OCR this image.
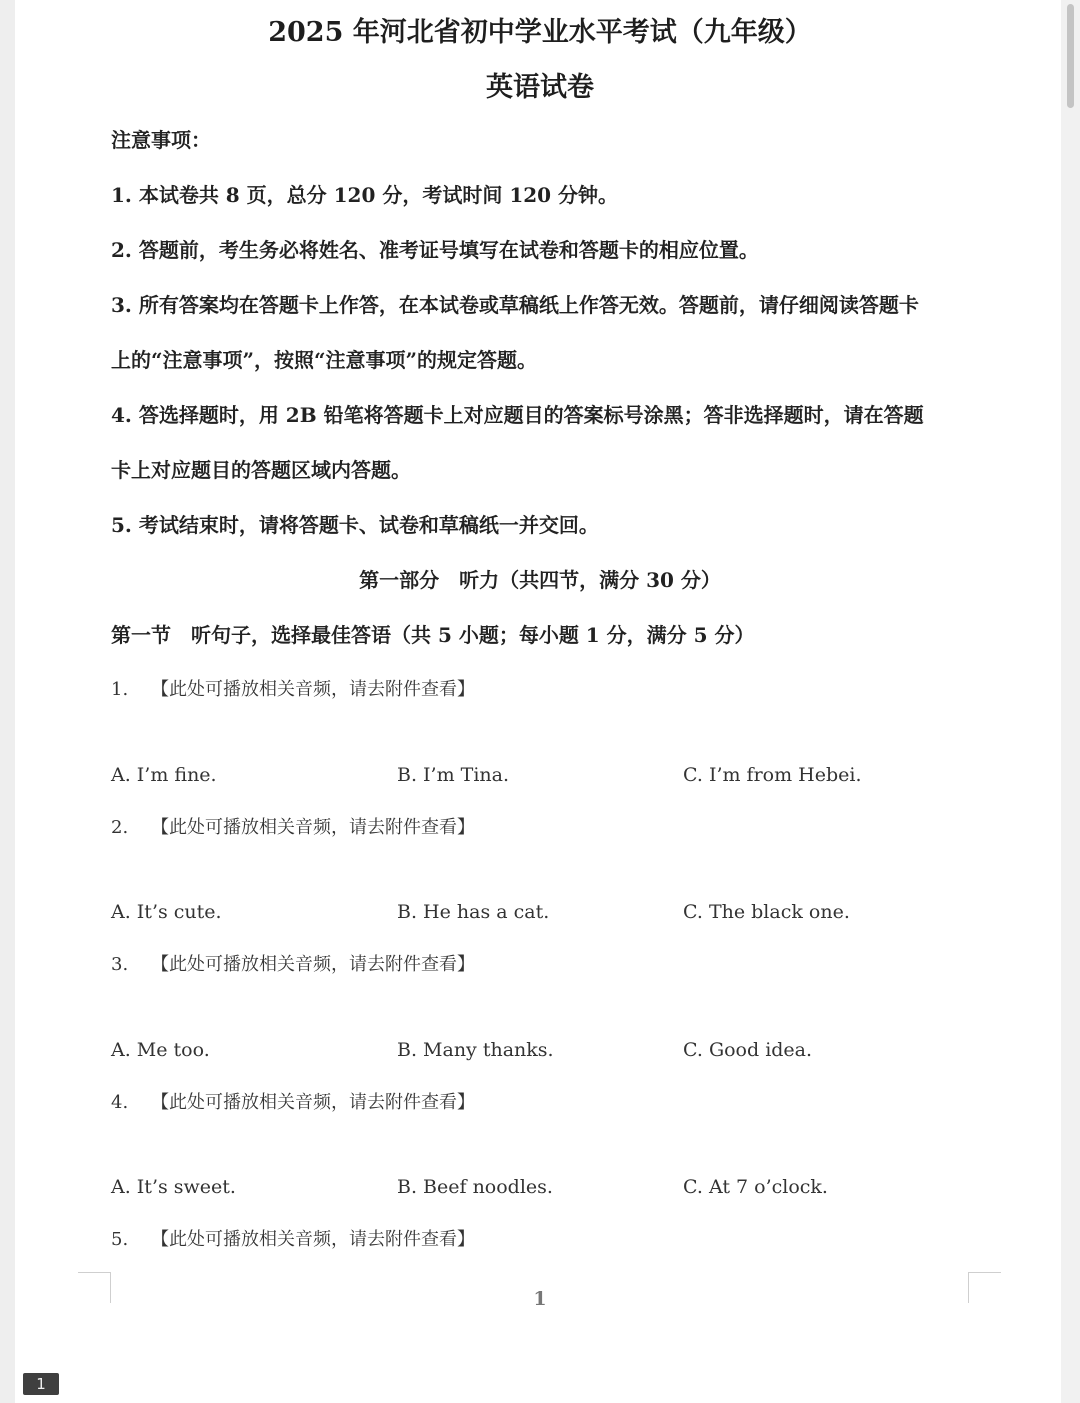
2025 年河北省初中学业水平考试（九年级）
英语试卷
注意事项：
1. 本试卷共 8 页，总分 120 分，考试时间 120 分钟。
2. 答题前，考生务必将姓名、准考证号填写在试卷和答题卡的相应位置。
3. 所有答案均在答题卡上作答，在本试卷或草稿纸上作答无效。答题前，请仔细阅读答题卡
上的“注意事项”，按照“注意事项”的规定答题。
4. 答选择题时，用 2B 铅笔将答题卡上对应题目的答案标号涂黑；答非选择题时，请在答题
卡上对应题目的答题区域内答题。
5. 考试结束时，请将答题卡、试卷和草稿纸一并交回。
第一部分　听力（共四节，满分 30 分）
第一节　听句子，选择最佳答语（共 5 小题；每小题 1 分，满分 5 分）
1. 【此处可播放相关音频，请去附件查看】
A. I’m fine.	B. I’m Tina.	C. I’m from Hebei.
2. 【此处可播放相关音频，请去附件查看】
A. It’s cute.	B. He has a cat.	C. The black one.
3. 【此处可播放相关音频，请去附件查看】
A. Me too.	B. Many thanks.	C. Good idea.
4. 【此处可播放相关音频，请去附件查看】
A. It’s sweet.	B. Beef noodles.	C. At 7 o’clock.
5. 【此处可播放相关音频，请去附件查看】
1
1
